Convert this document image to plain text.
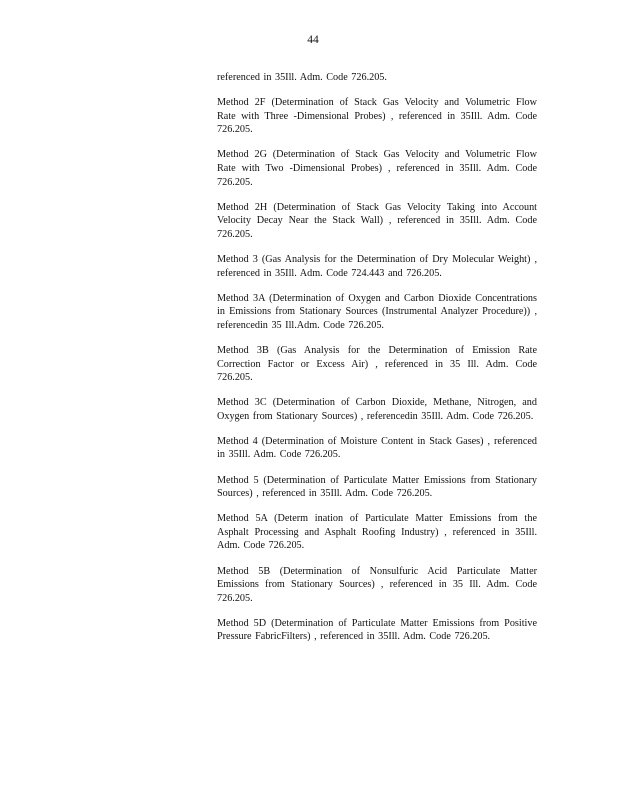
44

referenced in 35Ill. Adm. Code 726.205.

Method 2F (Determination of Stack Gas Velocity and Volumetric Flow Rate with Three -Dimensional Probes) , referenced in 35Ill. Adm. Code 726.205.

Method 2G (Determination of Stack Gas Velocity and Volumetric Flow Rate with Two -Dimensional Probes) , referenced in 35Ill. Adm. Code 726.205.

Method 2H (Determination of Stack Gas Velocity Taking into Account Velocity Decay Near the Stack Wall) , referenced in 35Ill. Adm. Code 726.205.

Method 3 (Gas Analysis for the Determination of Dry Molecular Weight) , referenced in 35Ill. Adm. Code 724.443 and 726.205.

Method 3A (Determination of Oxygen and Carbon Dioxide Concentrations in Emissions from Stationary Sources (Instrumental Analyzer Procedure)) , referencedin 35 Ill.Adm. Code 726.205.

Method 3B (Gas Analysis for the Determination of Emission Rate Correction Factor or Excess Air) , referenced in 35 Ill. Adm. Code 726.205.

Method 3C (Determination of Carbon Dioxide, Methane, Nitrogen, and Oxygen from Stationary Sources) , referencedin 35Ill. Adm. Code 726.205.

Method 4 (Determination of Moisture Content in Stack Gases) , referenced in 35Ill. Adm. Code 726.205.

Method 5 (Determination of Particulate Matter Emissions from Stationary Sources) , referenced in 35Ill. Adm. Code 726.205.

Method 5A (Determ ination of Particulate Matter Emissions from the Asphalt Processing and Asphalt Roofing Industry) , referenced in 35Ill. Adm. Code 726.205.

Method 5B (Determination of Nonsulfuric Acid Particulate Matter Emissions from Stationary Sources) , referenced in 35 Ill. Adm. Code 726.205.

Method 5D (Determination of Particulate Matter Emissions from Positive Pressure FabricFilters) , referenced in 35Ill. Adm. Code 726.205.
